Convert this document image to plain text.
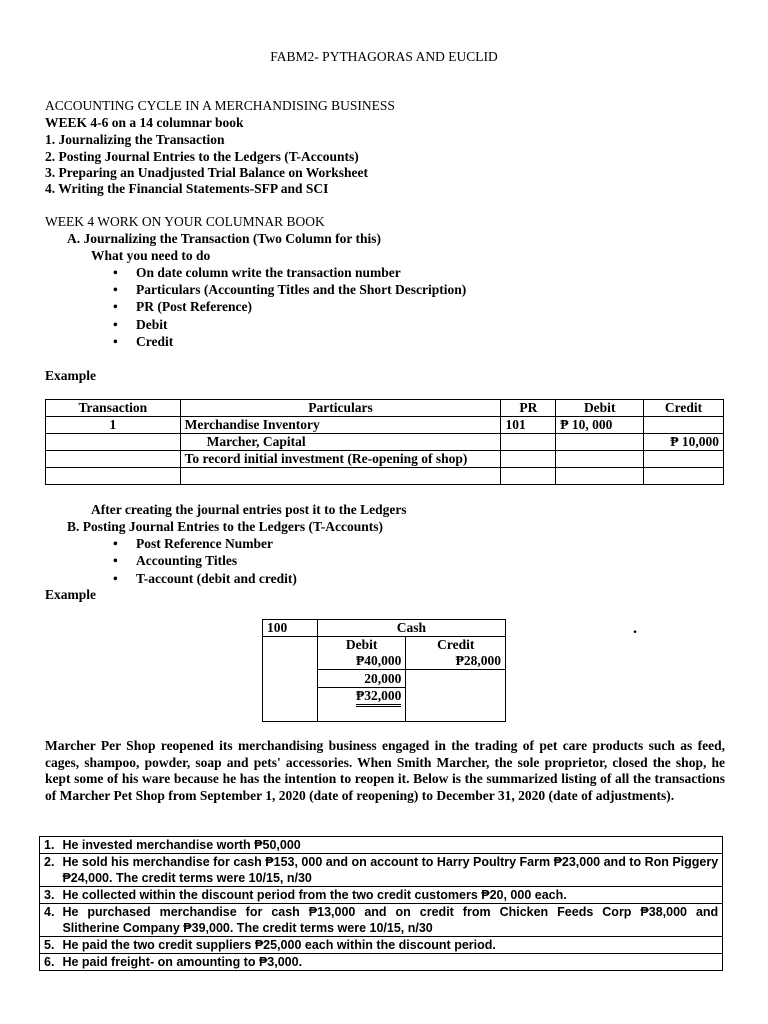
FABM2- PYTHAGORAS AND EUCLID
ACCOUNTING CYCLE IN A MERCHANDISING BUSINESS
WEEK 4-6 on a 14 columnar book
1. Journalizing the Transaction
2. Posting Journal Entries to the Ledgers (T-Accounts)
3. Preparing an Unadjusted Trial Balance on Worksheet
4. Writing the Financial Statements-SFP and SCI
WEEK 4 WORK ON YOUR COLUMNAR BOOK
A. Journalizing the Transaction (Two Column for this)
What you need to do
• On date column write the transaction number
• Particulars (Accounting Titles and the Short Description)
• PR (Post Reference)
• Debit
• Credit
Example
Transaction	Particulars	PR	Debit	Credit
1	Merchandise Inventory	101	₱ 10, 000	
	Marcher, Capital			₱ 10,000
	To record initial investment (Re-opening of shop)			

After creating the journal entries post it to the Ledgers
B. Posting Journal Entries to the Ledgers (T-Accounts)
• Post Reference Number
• Accounting Titles
• T-account (debit and credit)
Example
100	Cash	
	Debit	Credit
	₱40,000	₱28,000
	20,000	
	₱32,000	
.
Marcher Per Shop reopened its merchandising business engaged in the trading of pet care products such as feed, cages, shampoo, powder, soap and pets' accessories. When Smith Marcher, the sole proprietor, closed the shop, he kept some of his ware because he has the intention to reopen it. Below is the summarized listing of all the transactions of Marcher Pet Shop from September 1, 2020 (date of reopening) to December 31, 2020 (date of adjustments).
1.	He invested merchandise worth ₱50,000
2.	He sold his merchandise for cash ₱153, 000 and on account to Harry Poultry Farm ₱23,000 and to Ron Piggery
₱24,000. The credit terms were 10/15, n/30

3.	He collected within the discount period from the two credit customers ₱20, 000 each.
4.	He purchased merchandise for cash ₱13,000 and on credit from Chicken Feeds Corp ₱38,000 and
Slitherine Company ₱39,000. The credit terms were 10/15, n/30

5.	He paid the two credit suppliers ₱25,000 each within the discount period.
6.	He paid freight- on amounting to ₱3,000.
